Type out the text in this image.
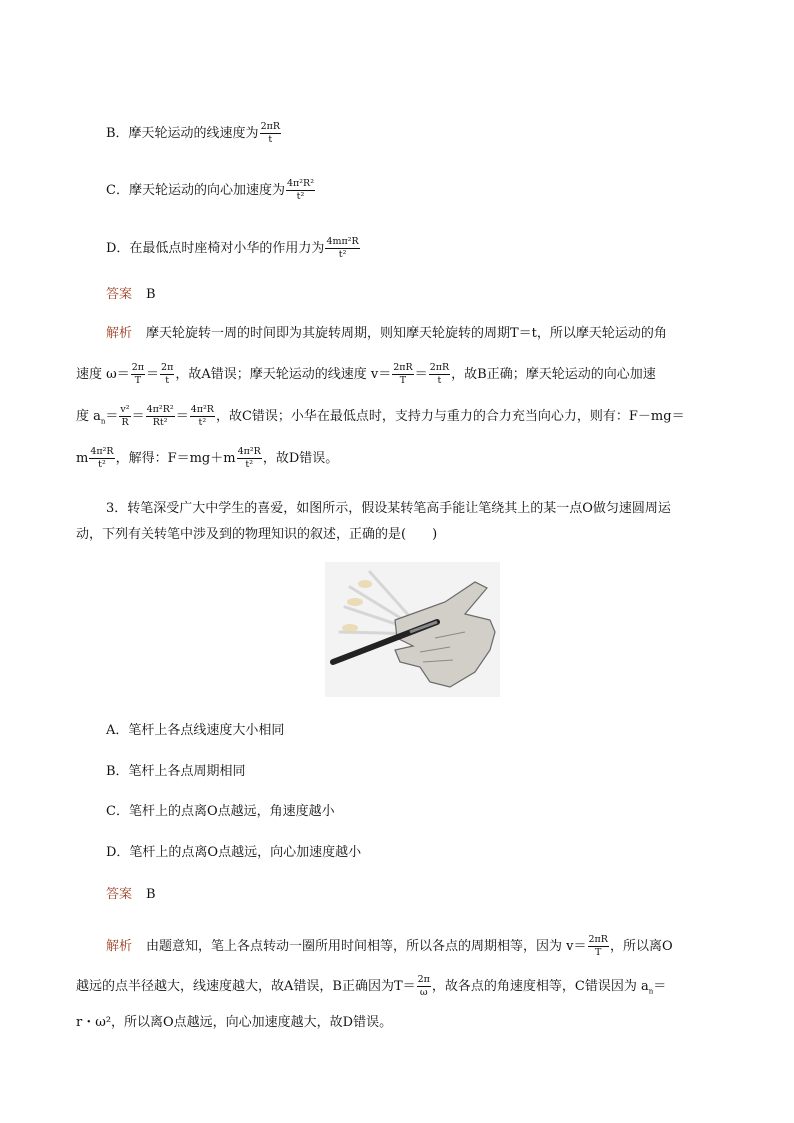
B．摩天轮运动的线速度为 $\frac{2\pi R}{t}$
C．摩天轮运动的向心加速度为 $\frac{\text{4π²R²}}{\text{t²}}$
D．在最低点时座椅对小华的作用力为 $\frac{\text{4mπ²R}}{\text{t²}}$
答案 B
解析 摩天轮旋转一周的时间即为其旋转周期，则知摩天轮旋转的周期T＝t，所以摩天轮运动的角
速度 $\omega= \frac{2\pi}{T} = \frac{2\pi}{t}$ ，故A错误；摩天轮运动的线速度 $v= \frac{2\pi R}{T} = \frac{2\pi R}{t}$ ，故B正确；摩天轮运动的向心加速
度 $a_n= \frac{\text{v²}}{R} = \frac{\text{4π²R²}}{\text{Rt²}} = \frac{\text{4π²R}}{\text{t²}}$ ，故C错误；小华在最低点时，支持力与重力的合力充当向心力，则有：F－mg＝
m $\frac{\text{4π²R}}{\text{t²}}$ ，解得：$F=mg+m \frac{\text{4π²R}}{\text{t²}}$ ，故D错误。
3．转笔深受广大中学生的喜爱，如图所示，假设某转笔高手能让笔绕其上的某一点O做匀速圆周运
动，下列有关转笔中涉及到的物理知识的叙述，正确的是(　　)
A．笔杆上各点线速度大小相同
B．笔杆上各点周期相同
C．笔杆上的点离O点越远，角速度越小
D．笔杆上的点离O点越远，向心加速度越小
答案 B
解析 由题意知，笔上各点转动一圈所用时间相等，所以各点的周期相等，因为 $v= \frac{2\pi R}{T}$ ，所以离O
越远的点半径越大，线速度越大，故A错误，B正确因为$T= \frac{2\pi}{\omega}$ ，故各点的角速度相等，C错误因为 $a_n=$
r・ω²，所以离O点越远，向心加速度越大，故D错误。
